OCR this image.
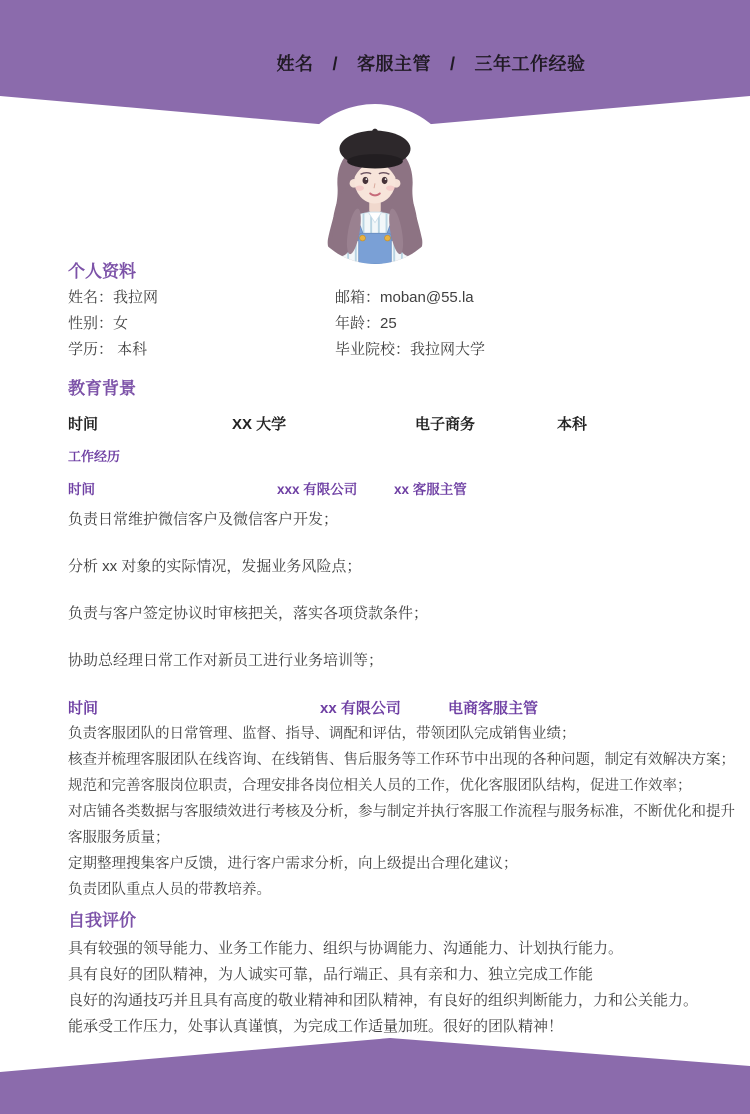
姓名 / 客服主管 / 三年工作经验
个人资料
姓名：我拉网
性别：女
学历： 本科
邮箱：moban@55.la
年龄：25
毕业院校：我拉网大学
教育背景
时间	XX 大学	电子商务	本科
工作经历
时间	xxx 有限公司	xx 客服主管
负责日常维护微信客户及微信客户开发；
分析 xx 对象的实际情况，发掘业务风险点；
负责与客户签定协议时审核把关，落实各项贷款条件；
协助总经理日常工作对新员工进行业务培训等；
时间	xx 有限公司	电商客服主管
负责客服团队的日常管理、监督、指导、调配和评估，带领团队完成销售业绩；
核查并梳理客服团队在线咨询、在线销售、售后服务等工作环节中出现的各种问题，制定有效解决方案；
规范和完善客服岗位职责，合理安排各岗位相关人员的工作，优化客服团队结构，促进工作效率；
对店铺各类数据与客服绩效进行考核及分析，参与制定并执行客服工作流程与服务标准，不断优化和提升
客服服务质量；
定期整理搜集客户反馈，进行客户需求分析，向上级提出合理化建议；
负责团队重点人员的带教培养。
自我评价
具有较强的领导能力、业务工作能力、组织与协调能力、沟通能力、计划执行能力。
具有良好的团队精神，为人诚实可靠，品行端正、具有亲和力、独立完成工作能
良好的沟通技巧并且具有高度的敬业精神和团队精神，有良好的组织判断能力，力和公关能力。
能承受工作压力，处事认真谨慎，为完成工作适量加班。很好的团队精神！
